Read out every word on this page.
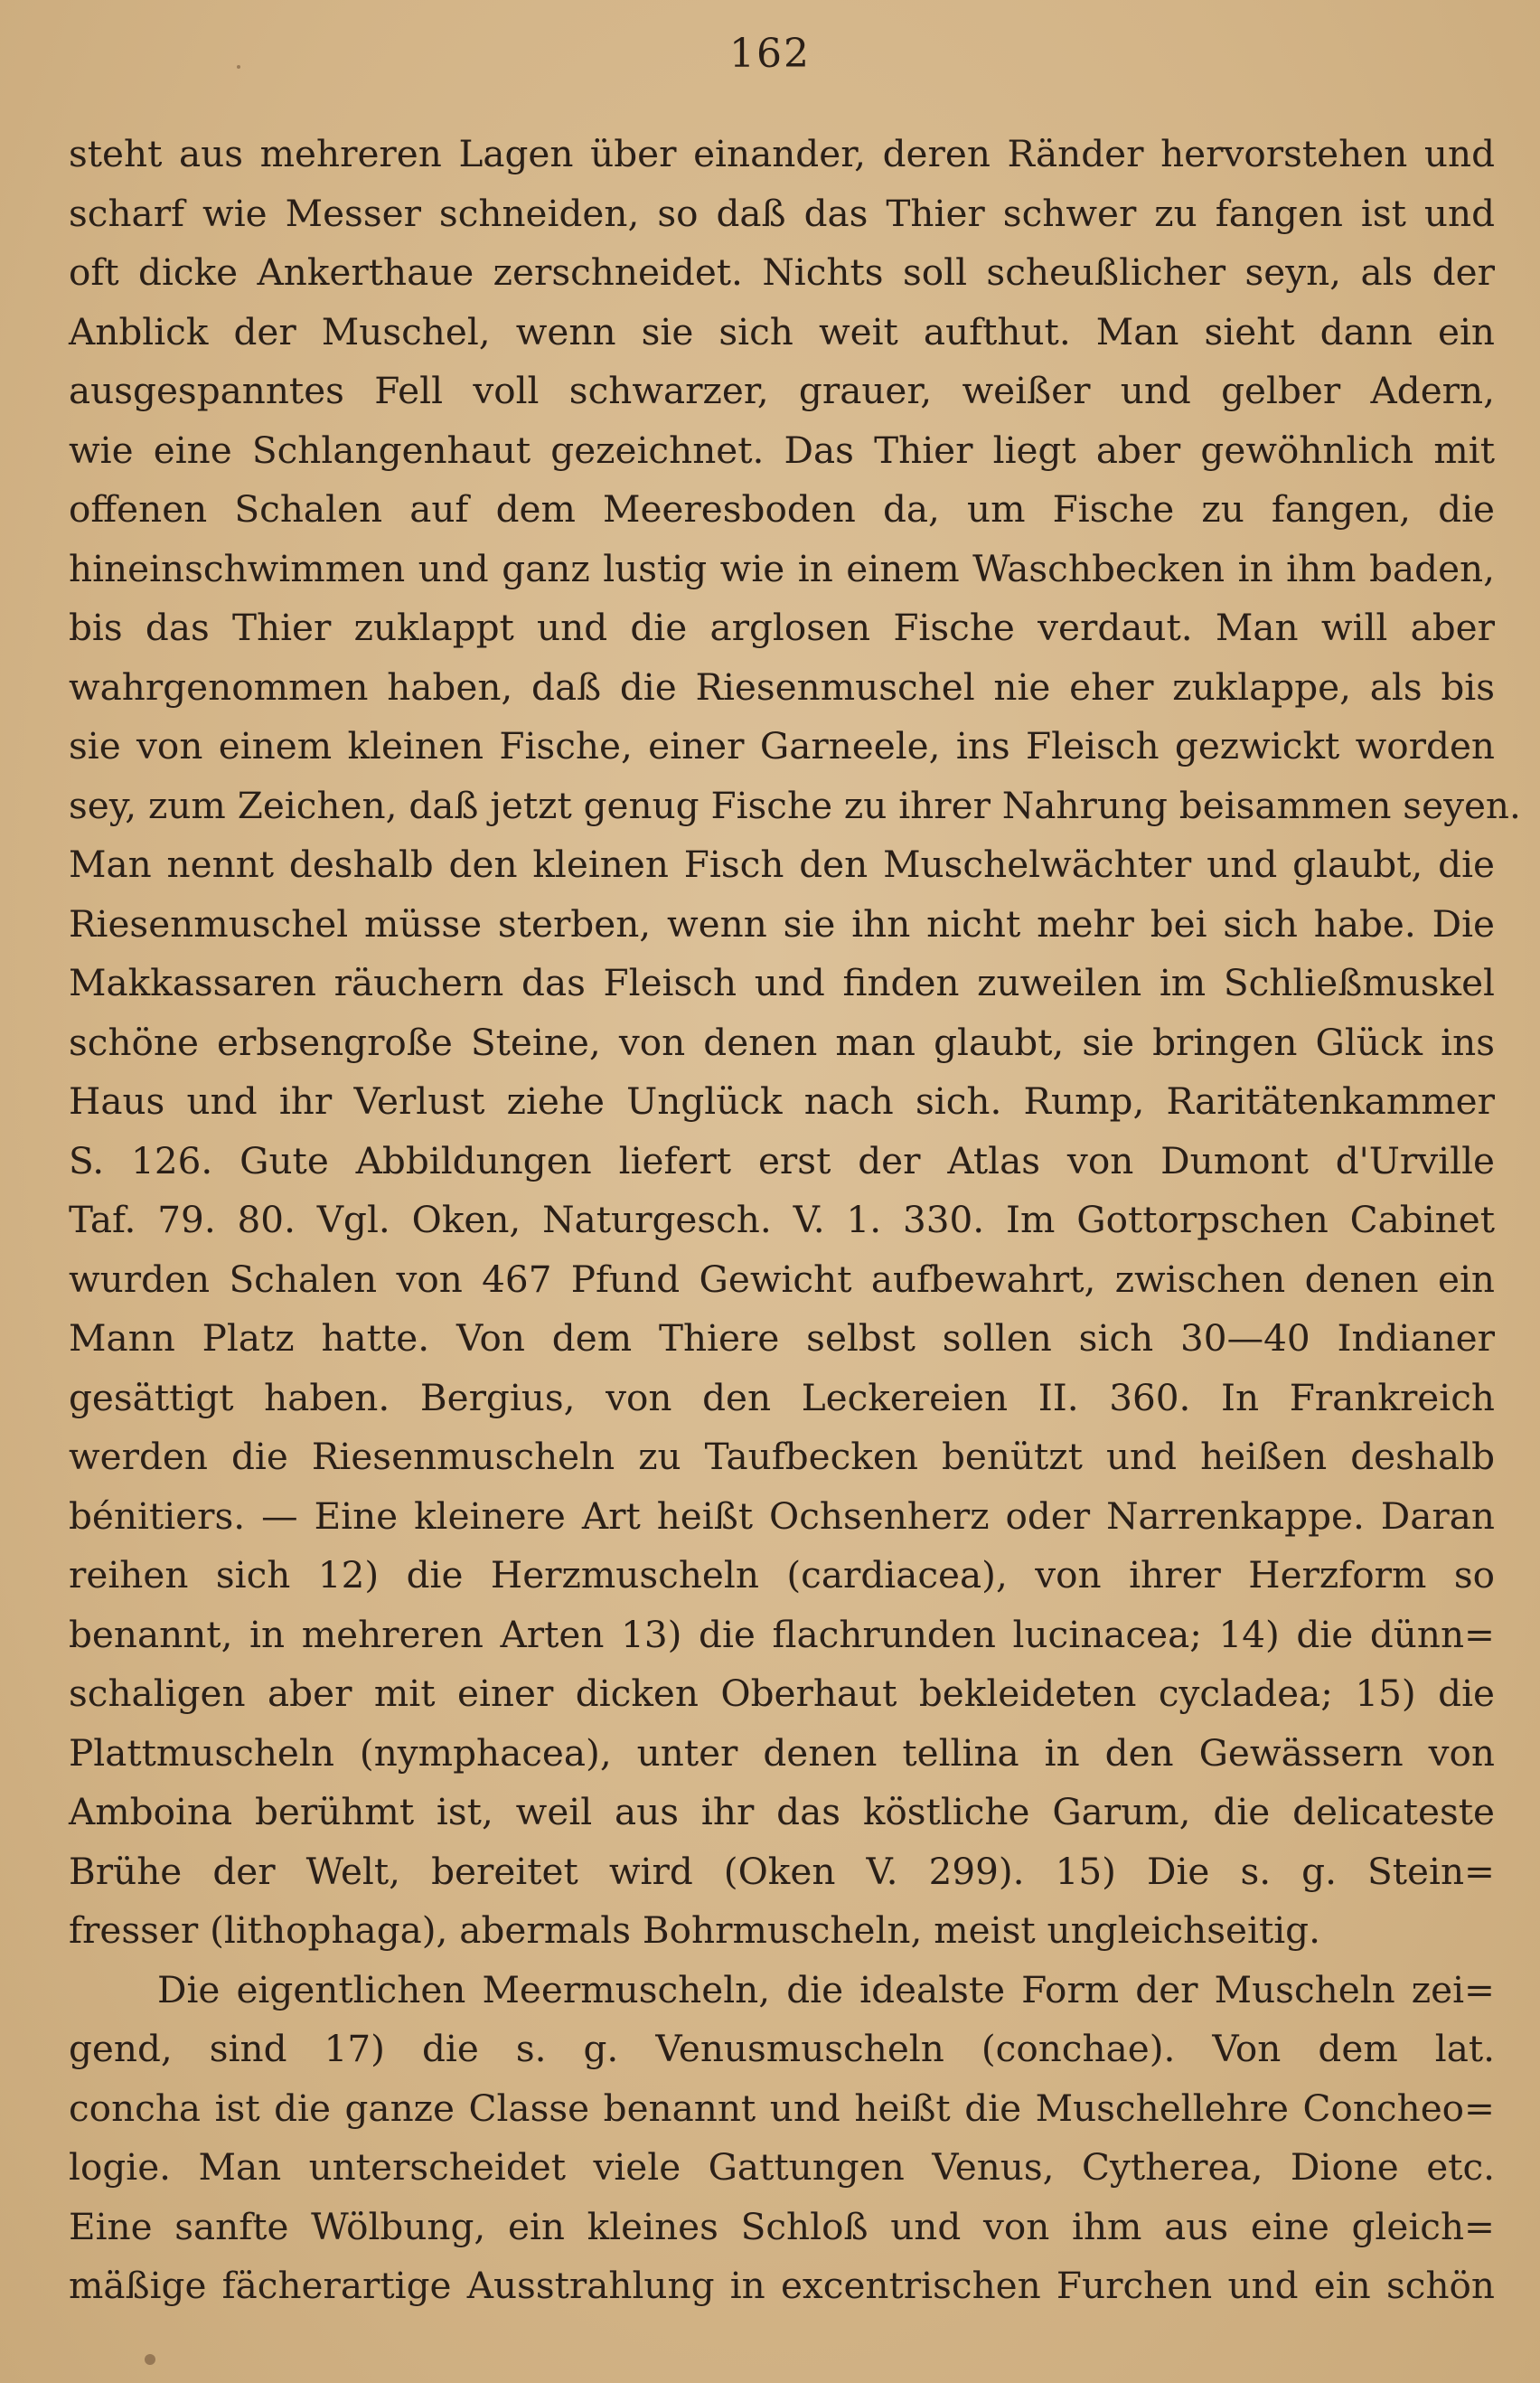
162
steht aus mehreren Lagen über einander, deren Ränder hervorstehen und
scharf wie Messer schneiden, so daß das Thier schwer zu fangen ist und
oft dicke Ankerthaue zerschneidet. Nichts soll scheußlicher seyn, als der
Anblick der Muschel, wenn sie sich weit aufthut. Man sieht dann ein
ausgespanntes Fell voll schwarzer, grauer, weißer und gelber Adern,
wie eine Schlangenhaut gezeichnet. Das Thier liegt aber gewöhnlich mit
offenen Schalen auf dem Meeresboden da, um Fische zu fangen, die
hineinschwimmen und ganz lustig wie in einem Waschbecken in ihm baden,
bis das Thier zuklappt und die arglosen Fische verdaut. Man will aber
wahrgenommen haben, daß die Riesenmuschel nie eher zuklappe, als bis
sie von einem kleinen Fische, einer Garneele, ins Fleisch gezwickt worden
sey, zum Zeichen, daß jetzt genug Fische zu ihrer Nahrung beisammen seyen.
Man nennt deshalb den kleinen Fisch den Muschelwächter und glaubt, die
Riesenmuschel müsse sterben, wenn sie ihn nicht mehr bei sich habe. Die
Makkassaren räuchern das Fleisch und finden zuweilen im Schließmuskel
schöne erbsengroße Steine, von denen man glaubt, sie bringen Glück ins
Haus und ihr Verlust ziehe Unglück nach sich. Rump, Raritätenkammer
S. 126. Gute Abbildungen liefert erst der Atlas von Dumont d'Urville
Taf. 79. 80. Vgl. Oken, Naturgesch. V. 1. 330. Im Gottorpschen Cabinet
wurden Schalen von 467 Pfund Gewicht aufbewahrt, zwischen denen ein
Mann Platz hatte. Von dem Thiere selbst sollen sich 30—40 Indianer
gesättigt haben. Bergius, von den Leckereien II. 360. In Frankreich
werden die Riesenmuscheln zu Taufbecken benützt und heißen deshalb
bénitiers. — Eine kleinere Art heißt Ochsenherz oder Narrenkappe. Daran
reihen sich 12) die Herzmuscheln (cardiacea), von ihrer Herzform so
benannt, in mehreren Arten 13) die flachrunden lucinacea; 14) die dünn=
schaligen aber mit einer dicken Oberhaut bekleideten cycladea; 15) die
Plattmuscheln (nymphacea), unter denen tellina in den Gewässern von
Amboina berühmt ist, weil aus ihr das köstliche Garum, die delicateste
Brühe der Welt, bereitet wird (Oken V. 299). 15) Die s. g. Stein=
fresser (lithophaga), abermals Bohrmuscheln, meist ungleichseitig.
Die eigentlichen Meermuscheln, die idealste Form der Muscheln zei=
gend, sind 17) die s. g. Venusmuscheln (conchae). Von dem lat.
concha ist die ganze Classe benannt und heißt die Muschellehre Concheo=
logie. Man unterscheidet viele Gattungen Venus, Cytherea, Dione etc.
Eine sanfte Wölbung, ein kleines Schloß und von ihm aus eine gleich=
mäßige fächerartige Ausstrahlung in excentrischen Furchen und ein schön
